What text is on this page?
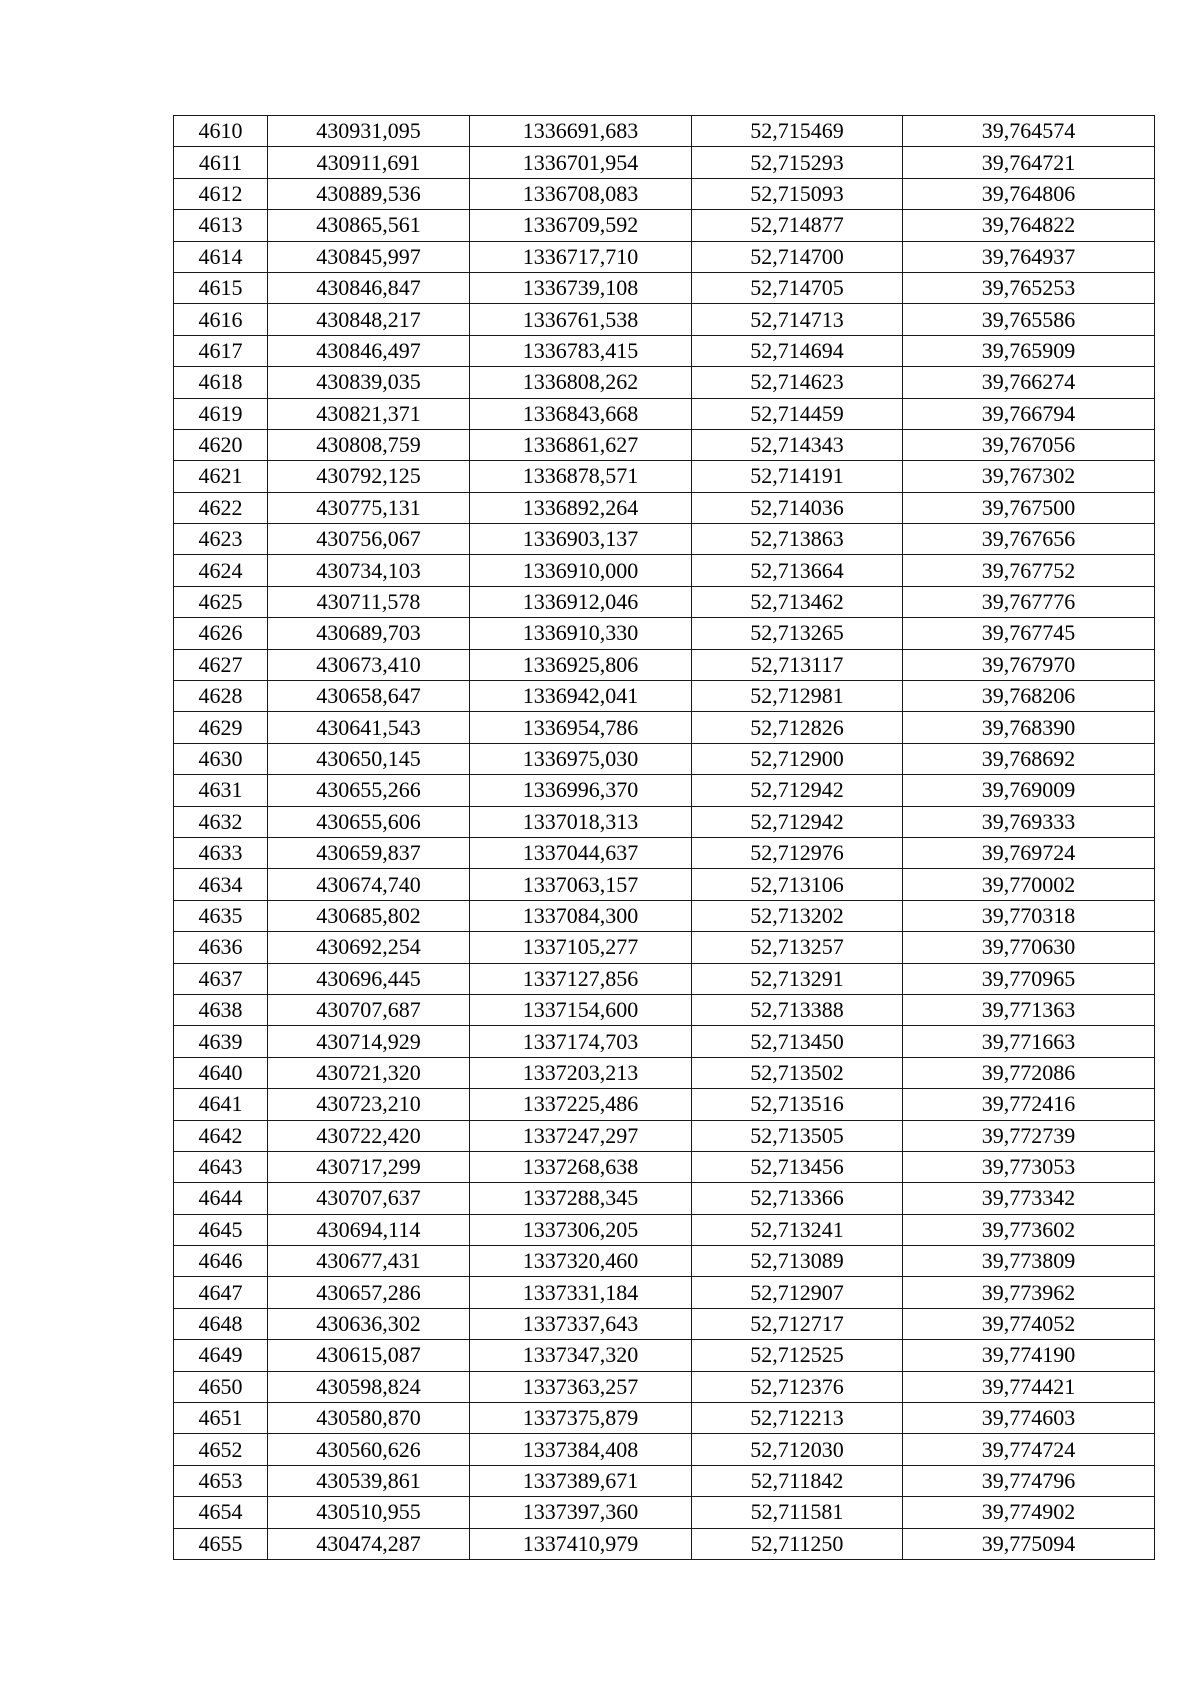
4610	430931,095	1336691,683	52,715469	39,764574
4611	430911,691	1336701,954	52,715293	39,764721
4612	430889,536	1336708,083	52,715093	39,764806
4613	430865,561	1336709,592	52,714877	39,764822
4614	430845,997	1336717,710	52,714700	39,764937
4615	430846,847	1336739,108	52,714705	39,765253
4616	430848,217	1336761,538	52,714713	39,765586
4617	430846,497	1336783,415	52,714694	39,765909
4618	430839,035	1336808,262	52,714623	39,766274
4619	430821,371	1336843,668	52,714459	39,766794
4620	430808,759	1336861,627	52,714343	39,767056
4621	430792,125	1336878,571	52,714191	39,767302
4622	430775,131	1336892,264	52,714036	39,767500
4623	430756,067	1336903,137	52,713863	39,767656
4624	430734,103	1336910,000	52,713664	39,767752
4625	430711,578	1336912,046	52,713462	39,767776
4626	430689,703	1336910,330	52,713265	39,767745
4627	430673,410	1336925,806	52,713117	39,767970
4628	430658,647	1336942,041	52,712981	39,768206
4629	430641,543	1336954,786	52,712826	39,768390
4630	430650,145	1336975,030	52,712900	39,768692
4631	430655,266	1336996,370	52,712942	39,769009
4632	430655,606	1337018,313	52,712942	39,769333
4633	430659,837	1337044,637	52,712976	39,769724
4634	430674,740	1337063,157	52,713106	39,770002
4635	430685,802	1337084,300	52,713202	39,770318
4636	430692,254	1337105,277	52,713257	39,770630
4637	430696,445	1337127,856	52,713291	39,770965
4638	430707,687	1337154,600	52,713388	39,771363
4639	430714,929	1337174,703	52,713450	39,771663
4640	430721,320	1337203,213	52,713502	39,772086
4641	430723,210	1337225,486	52,713516	39,772416
4642	430722,420	1337247,297	52,713505	39,772739
4643	430717,299	1337268,638	52,713456	39,773053
4644	430707,637	1337288,345	52,713366	39,773342
4645	430694,114	1337306,205	52,713241	39,773602
4646	430677,431	1337320,460	52,713089	39,773809
4647	430657,286	1337331,184	52,712907	39,773962
4648	430636,302	1337337,643	52,712717	39,774052
4649	430615,087	1337347,320	52,712525	39,774190
4650	430598,824	1337363,257	52,712376	39,774421
4651	430580,870	1337375,879	52,712213	39,774603
4652	430560,626	1337384,408	52,712030	39,774724
4653	430539,861	1337389,671	52,711842	39,774796
4654	430510,955	1337397,360	52,711581	39,774902
4655	430474,287	1337410,979	52,711250	39,775094
